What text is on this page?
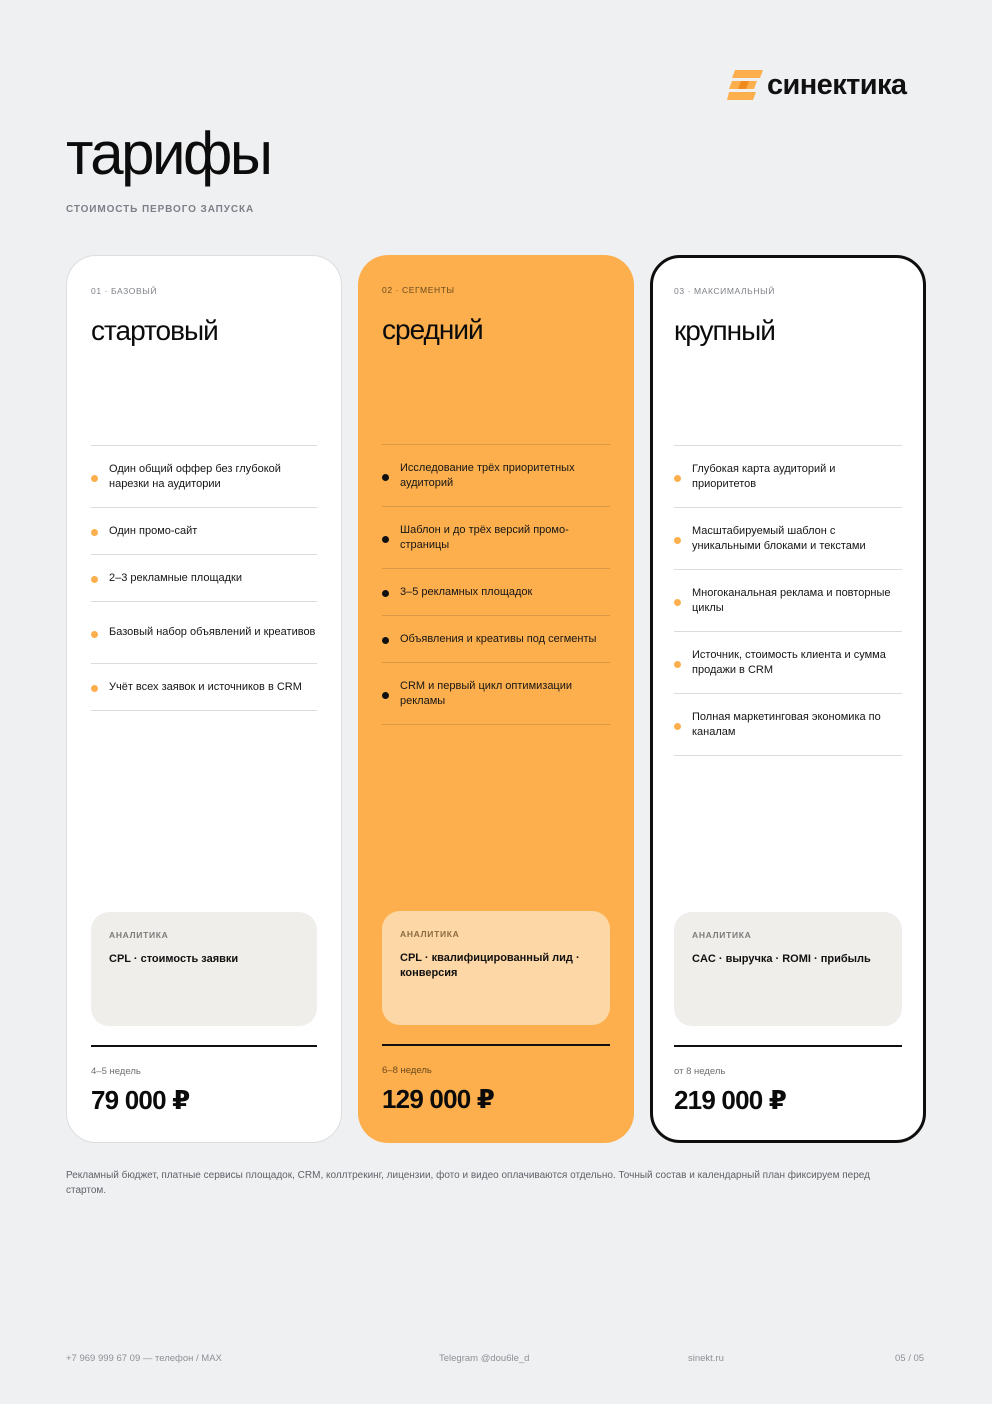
синектика
тарифы
СТОИМОСТЬ ПЕРВОГО ЗАПУСКА
01 · БАЗОВЫЙ
стартовый
Один общий оффер без глубокой нарезки на аудитории
Один промо-сайт
2–3 рекламные площадки
Базовый набор объявлений и креативов
Учёт всех заявок и источников в CRM
АНАЛИТИКА
CPL · стоимость заявки
4–5 недель
79 000 ₽
02 · СЕГМЕНТЫ
средний
Исследование трёх приоритетных аудиторий
Шаблон и до трёх версий промо-страницы
3–5 рекламных площадок
Объявления и креативы под сегменты
CRM и первый цикл оптимизации рекламы
АНАЛИТИКА
CPL · квалифицированный лид · конверсия
6–8 недель
129 000 ₽
03 · МАКСИМАЛЬНЫЙ
крупный
Глубокая карта аудиторий и приоритетов
Масштабируемый шаблон с уникальными блоками и текстами
Многоканальная реклама и повторные циклы
Источник, стоимость клиента и сумма продажи в CRM
Полная маркетинговая экономика по каналам
АНАЛИТИКА
CAC · выручка · ROMI · прибыль
от 8 недель
219 000 ₽

Рекламный бюджет, платные сервисы площадок, CRM, коллтрекинг, лицензии, фото и видео оплачиваются отдельно. Точный состав и календарный план фиксируем перед стартом.

+7 969 999 67 09 — телефон / MAX	Telegram @dou6le_d	sinekt.ru	05 / 05
